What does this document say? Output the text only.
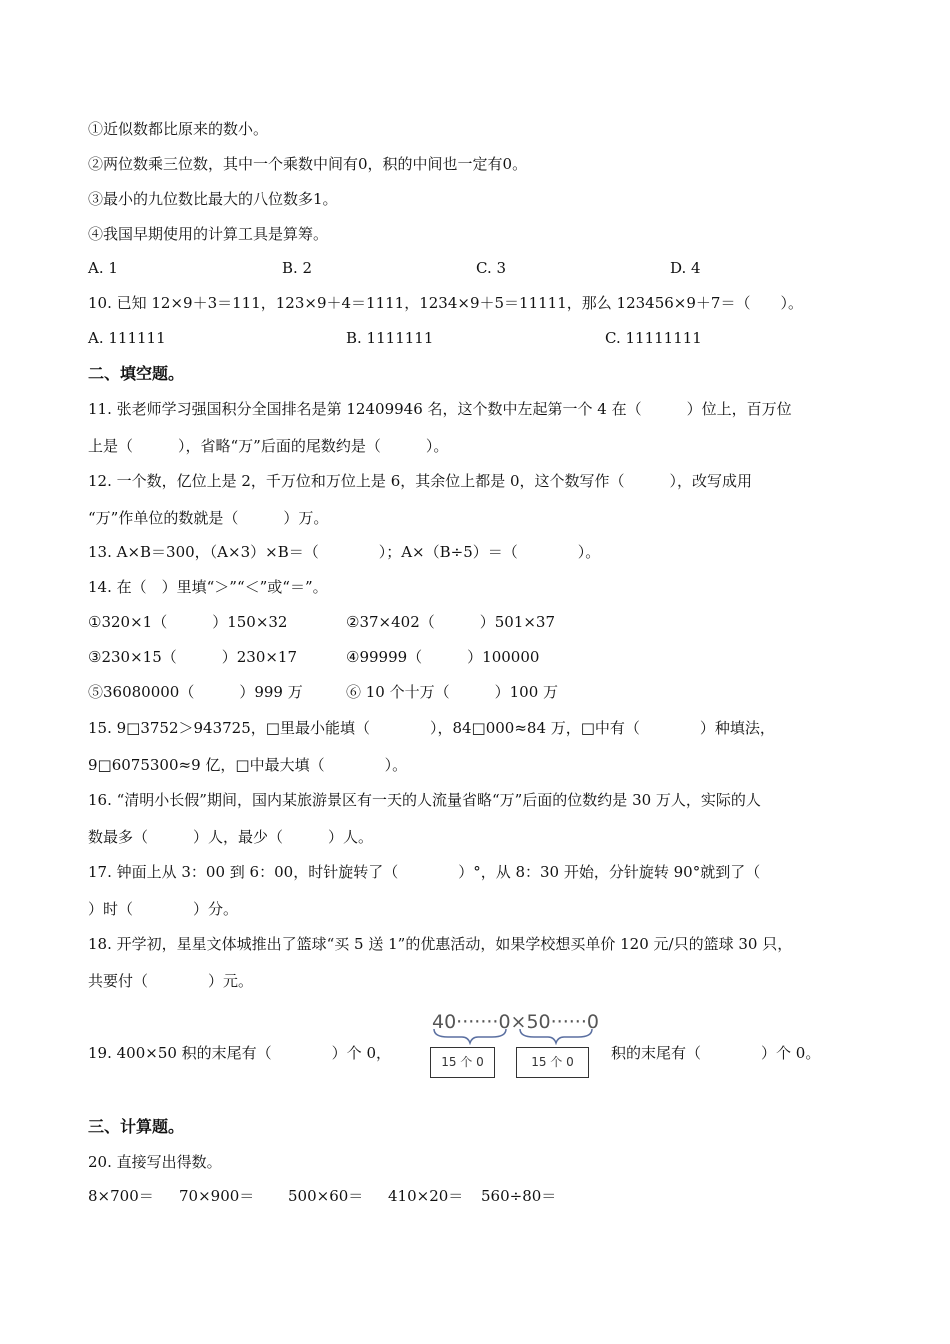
①近似数都比原来的数小。
②两位数乘三位数，其中一个乘数中间有0，积的中间也一定有0。
③最小的九位数比最大的八位数多1。
④我国早期使用的计算工具是算筹。
A. 1	B. 2	C. 3	D. 4
10. 已知 12×9＋3＝111，123×9＋4＝1111，1234×9＋5＝11111，那么 123456×9＋7＝（　　）。
A. 111111	B. 1111111	C. 11111111
二、填空题。
11. 张老师学习强国积分全国排名是第 12409946 名，这个数中左起第一个 4 在（　　　）位上，百万位
上是（　　　），省略“万”后面的尾数约是（　　　）。
12. 一个数，亿位上是 2，千万位和万位上是 6，其余位上都是 0，这个数写作（　　　），改写成用
“万”作单位的数就是（　　　）万。
13. A×B＝300，（A×3）×B＝（　　　　）；A×（B÷5）＝（　　　　）。
14. 在（　）里填“＞”“＜”或“＝”。
①320×1（　　　）150×32	②37×402（　　　）501×37
③230×15（　　　）230×17	④99999（　　　）100000
⑤36080000（　　　）999 万	⑥ 10 个十万（　　　）100 万
15. 9□3752＞943725，□里最小能填（　　　　），84□000≈84 万，□中有（　　　　）种填法，
9□6075300≈9 亿，□中最大填（　　　　）。
16. “清明小长假”期间，国内某旅游景区有一天的人流量省略“万”后面的位数约是 30 万人，实际的人
数最多（　　　）人，最少（　　　）人。
17. 钟面上从 3：00 到 6：00，时针旋转了（　　　　）°，从 8：30 开始，分针旋转 90°就到了（
）时（　　　　）分。
18. 开学初，星星文体城推出了篮球“买 5 送 1”的优惠活动，如果学校想买单价 120 元/只的篮球 30 只，
共要付（　　　　）元。
19. 400×50 积的末尾有（　　　　）个 0，
40·······0×50······0
15 个 0	15 个 0	积的末尾有（　　　　）个 0。
三、计算题。
20. 直接写出得数。
8×700＝ 70×900＝ 500×60＝ 410×20＝ 560÷80＝
